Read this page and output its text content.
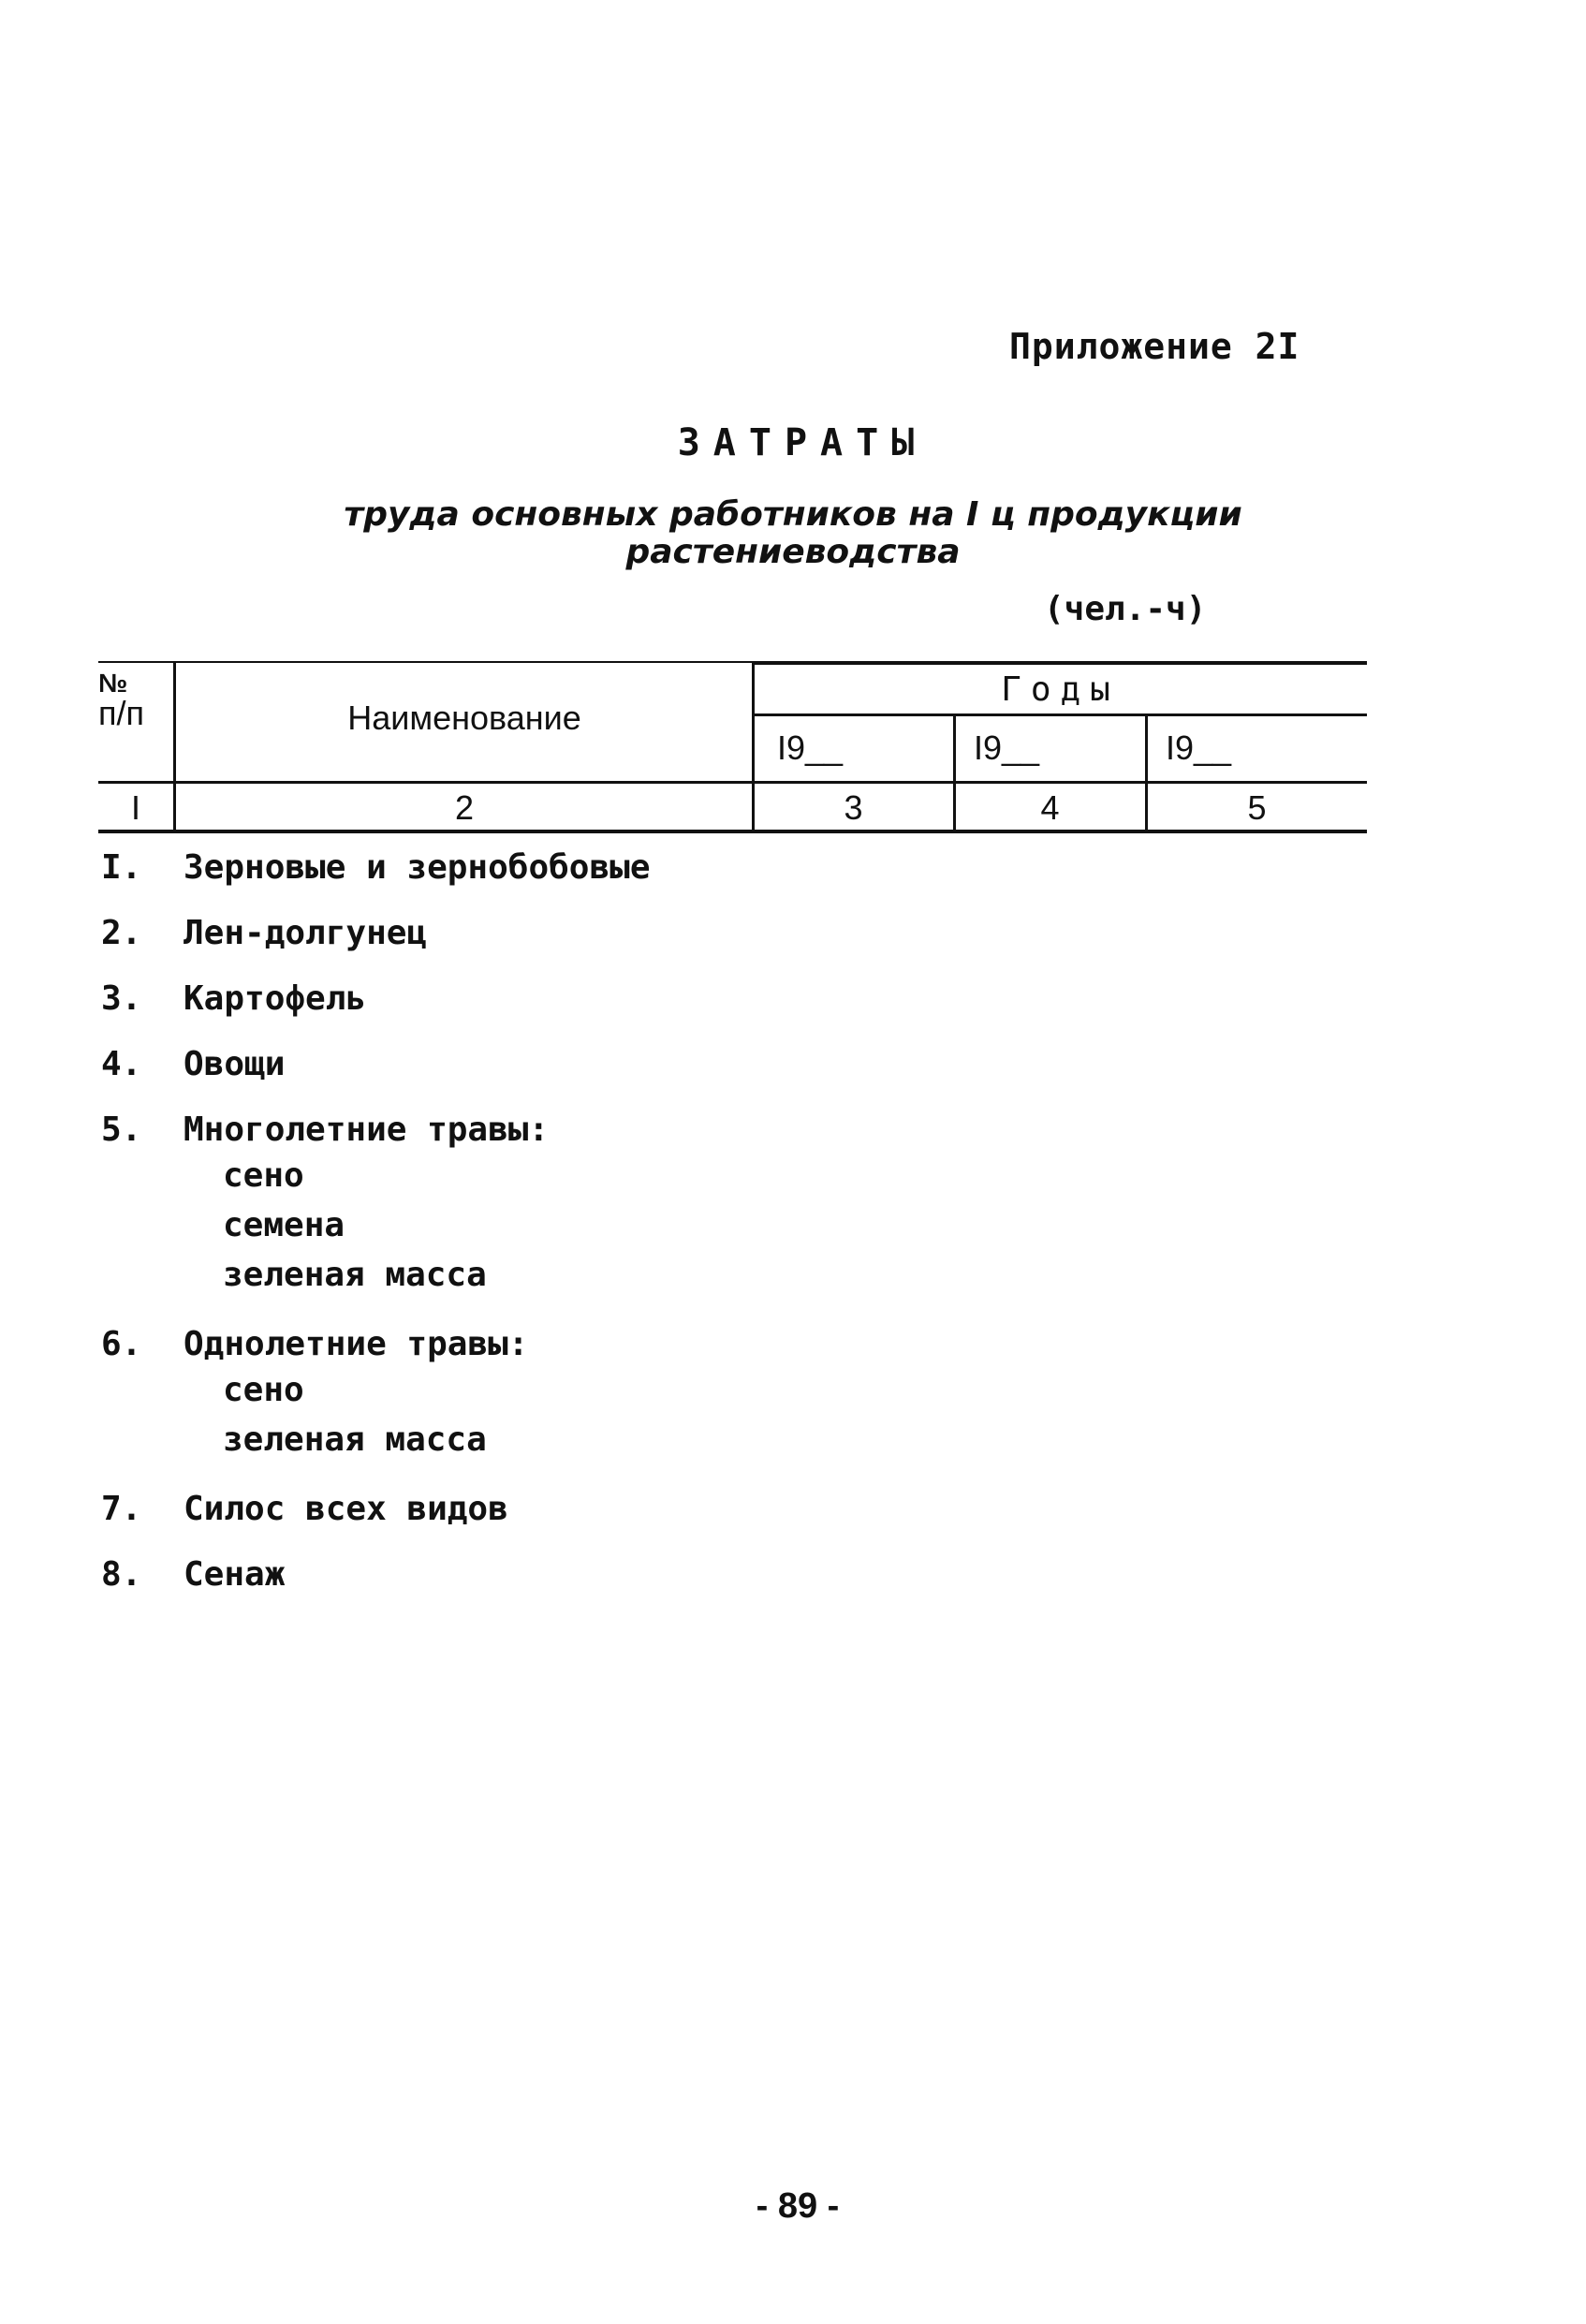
Приложение 2I
ЗАТРАТЫ
труда основных работников на I ц продукции
растениеводства
(чел.-ч)
№
п/п	Наименование
Годы
I9__	I9__	I9__
I	2	3	4	5
I.	Зерновые и зернобобовые
2.	Лен-долгунец
3.	Картофель
4.	Овощи
5.	Многолетние травы:
сено
семена
зеленая масса
6.	Однолетние травы:
сено
зеленая масса
7.	Силос всех видов
8.	Сенаж
- 89 -
